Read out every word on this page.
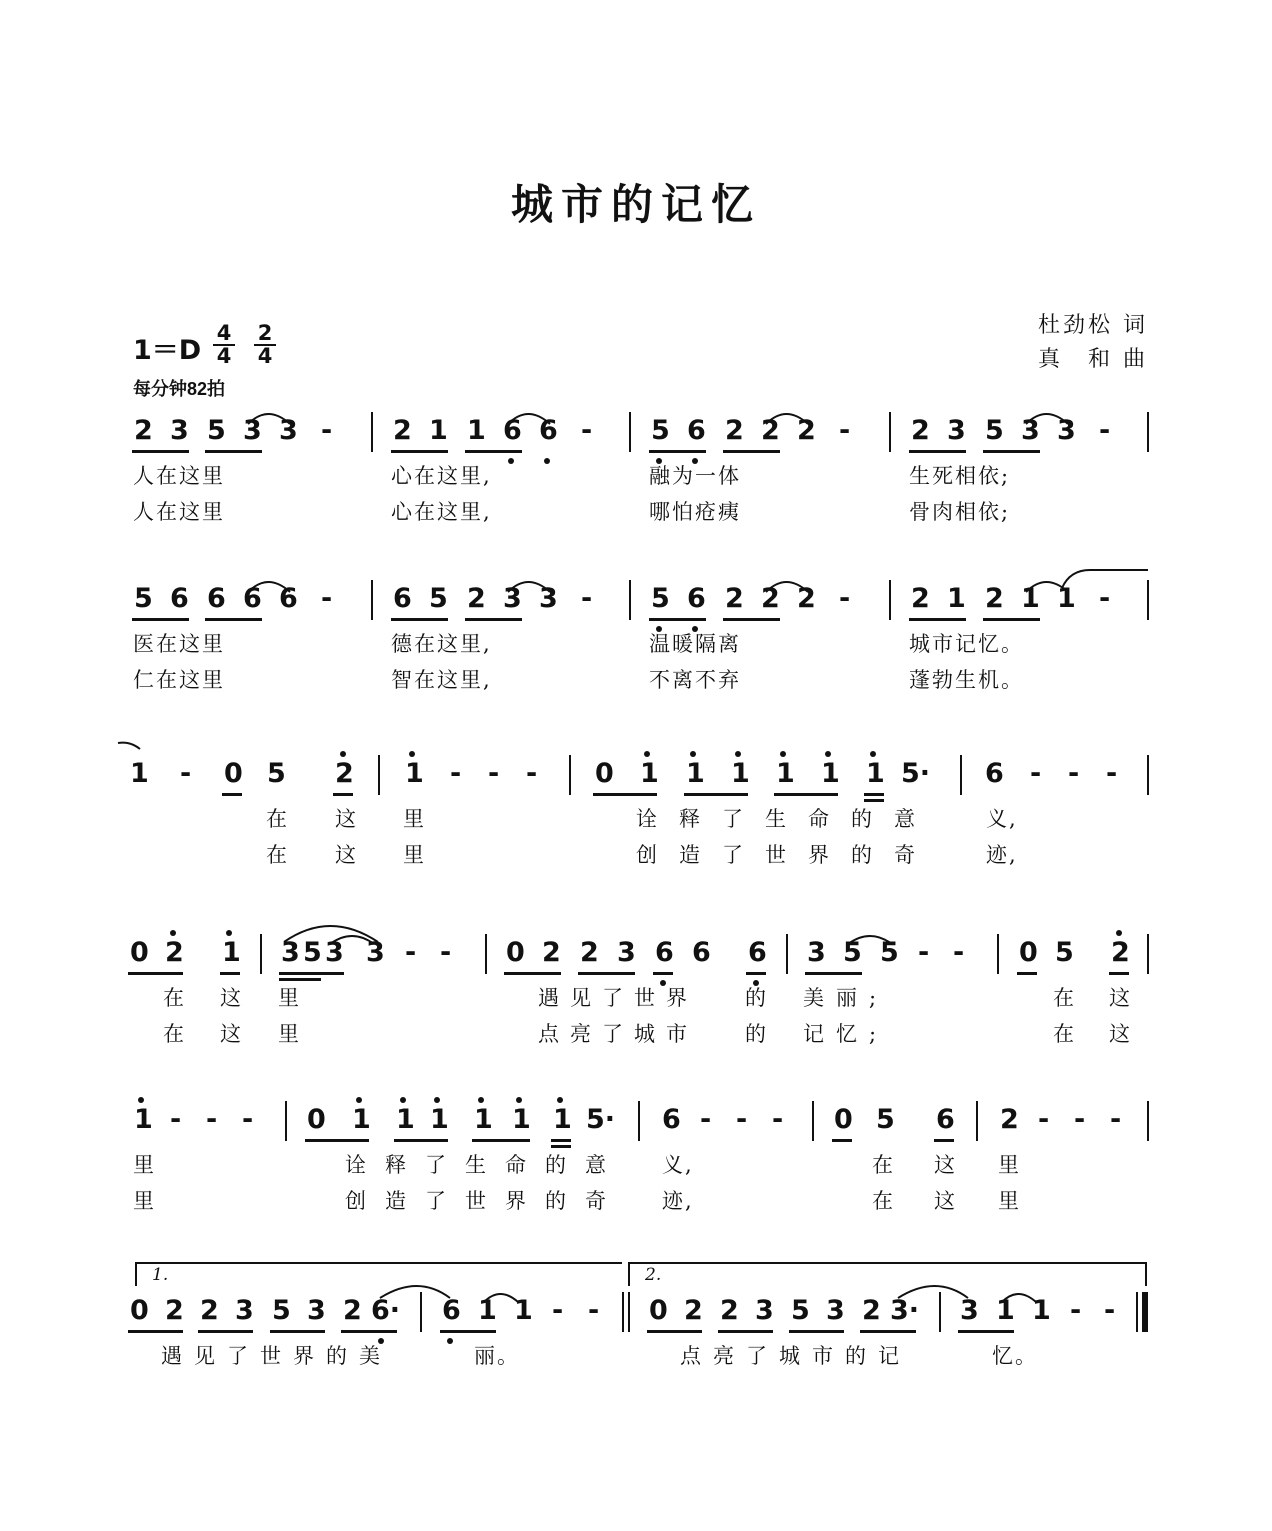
城市的记忆
杜劲松 词
真　和 曲
$1=D \frac{4}{4} \frac{2}{4}$
每分钟82拍
2 3 5 3 3 - 2 1 1 6 6 - 5 6 2 2 2 - 2 3 5 3 3 -
人在这里	心在这里,	融为一体	生死相依;
人在这里	心在这里,	哪怕疮痍	骨肉相依;
5 6 6 6 6 - 6 5 2 3 3 - 5 6 2 2 2 - 2 1 2 1 1 -
医在这里	德在这里,	温暖隔离	城市记忆。
仁在这里	智在这里,	不离不弃	蓬勃生机。
1 - 0 5 2 1 - - - 0 1 1 1 1 1 1 5· 6 - - -
在 这 里	诠释了生命的意 义,
在 这 里	创造了世界的奇 迹,
0 2 1 3 5 3 3 - - 0 2 2 3 6 6 6 3 5 5 - - 0 5 2
在 这 里	遇见了世界 的 美丽;	在 这
在 这 里	点亮了城市 的 记忆;	在 这
1 - - - 0 1 1 1 1 1 1 5· 6 - - - 0 5 6 2 - - -
里	诠释了生命的意 义,	在 这 里
里	创造了世界的奇 迹,	在 这 里
1.	2.
0 2 2 3 5 3 2 6· 6 1 1 - - 0 2 2 3 5 3 2 3· 3 1 1 - -
遇见了世界的美	丽。	点亮了城市的记	忆。
